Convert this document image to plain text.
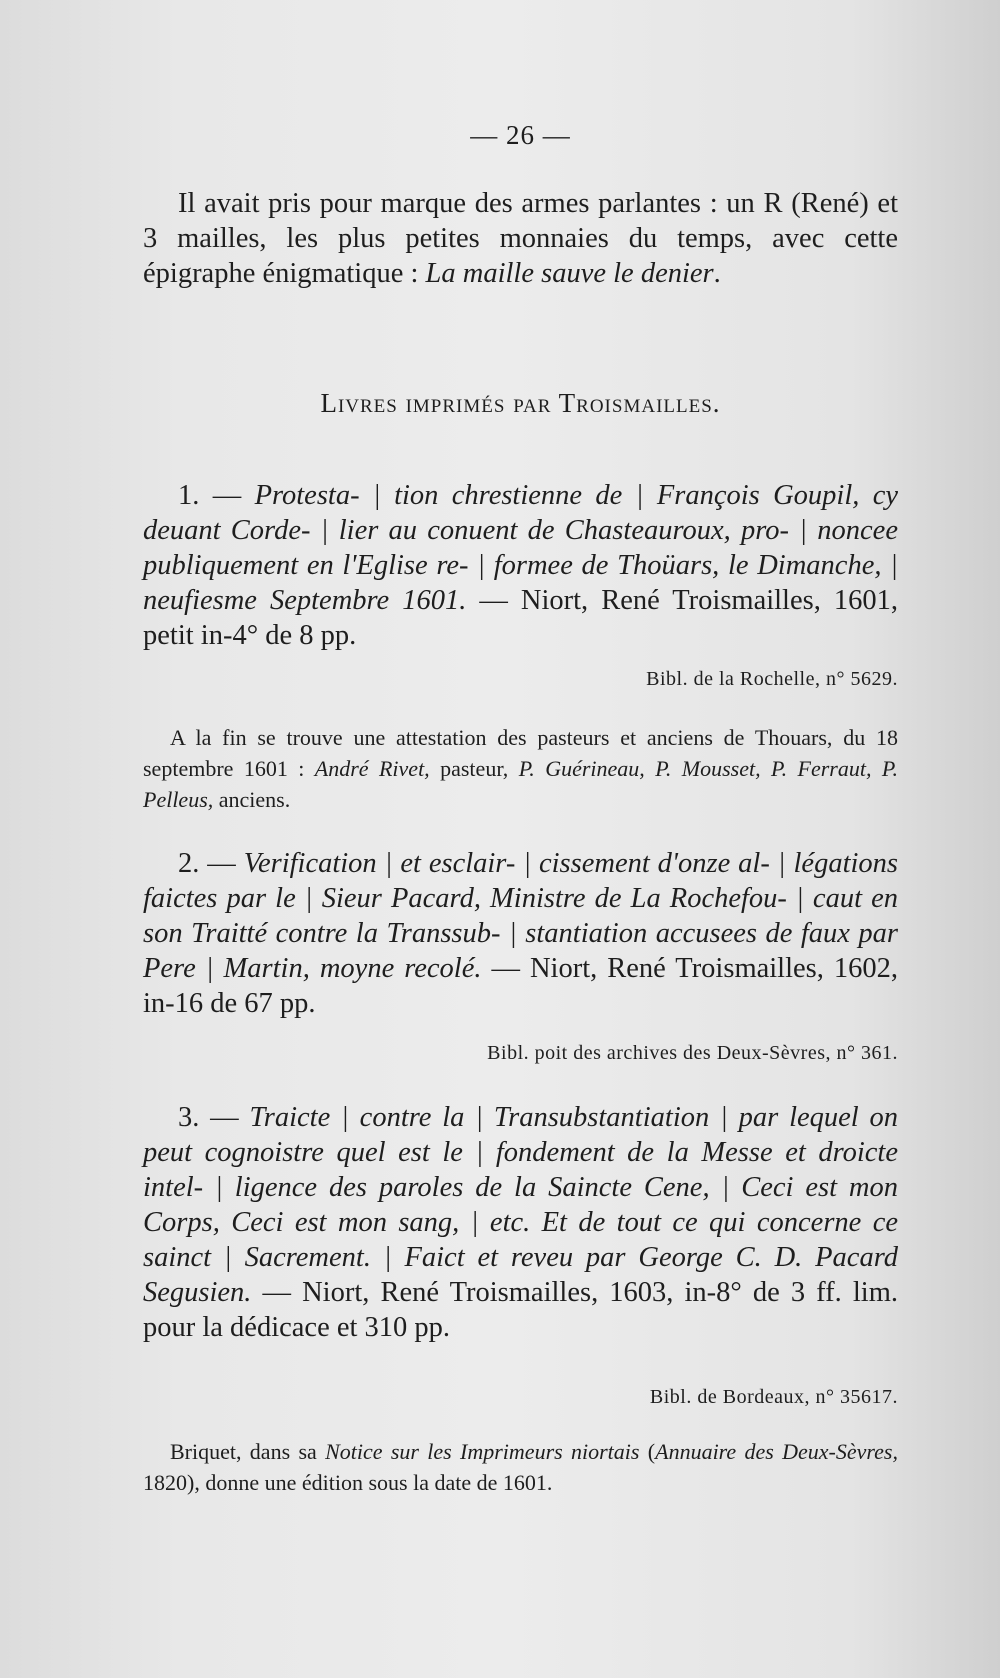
— 26 —

Il avait pris pour marque des armes parlantes : un R (René) et 3 mailles, les plus petites monnaies du temps, avec cette épigraphe énigmatique : La maille sauve le denier.

Livres imprimés par Troismailles.

1. — Protesta- | tion chrestienne de | François Goupil, cy deuant Corde- | lier au conuent de Chasteauroux, pro- | noncee publiquement en l'Eglise re- | formee de Thoüars, le Dimanche, | neufiesme Septembre 1601. — Niort, René Troismailles, 1601, petit in-4° de 8 pp.

Bibl. de la Rochelle, n° 5629.

A la fin se trouve une attestation des pasteurs et anciens de Thouars, du 18 septembre 1601 : André Rivet, pasteur, P. Guérineau, P. Mousset, P. Ferraut, P. Pelleus, anciens.

2. — Verification | et esclair- | cissement d'onze al- | légations faictes par le | Sieur Pacard, Ministre de La Rochefou- | caut en son Traitté contre la Transsub- | stantiation accusees de faux par Pere | Martin, moyne recolé. — Niort, René Troismailles, 1602, in-16 de 67 pp.

Bibl. poit des archives des Deux-Sèvres, n° 361.

3. — Traicte | contre la | Transubstantiation | par lequel on peut cognoistre quel est le | fondement de la Messe et droicte intel- | ligence des paroles de la Saincte Cene, | Ceci est mon Corps, Ceci est mon sang, | etc. Et de tout ce qui concerne ce sainct | Sacrement. | Faict et reveu par George C. D. Pacard Segusien. — Niort, René Troismailles, 1603, in-8° de 3 ff. lim. pour la dédicace et 310 pp.

Bibl. de Bordeaux, n° 35617.

Briquet, dans sa Notice sur les Imprimeurs niortais (Annuaire des Deux-Sèvres, 1820), donne une édition sous la date de 1601.
